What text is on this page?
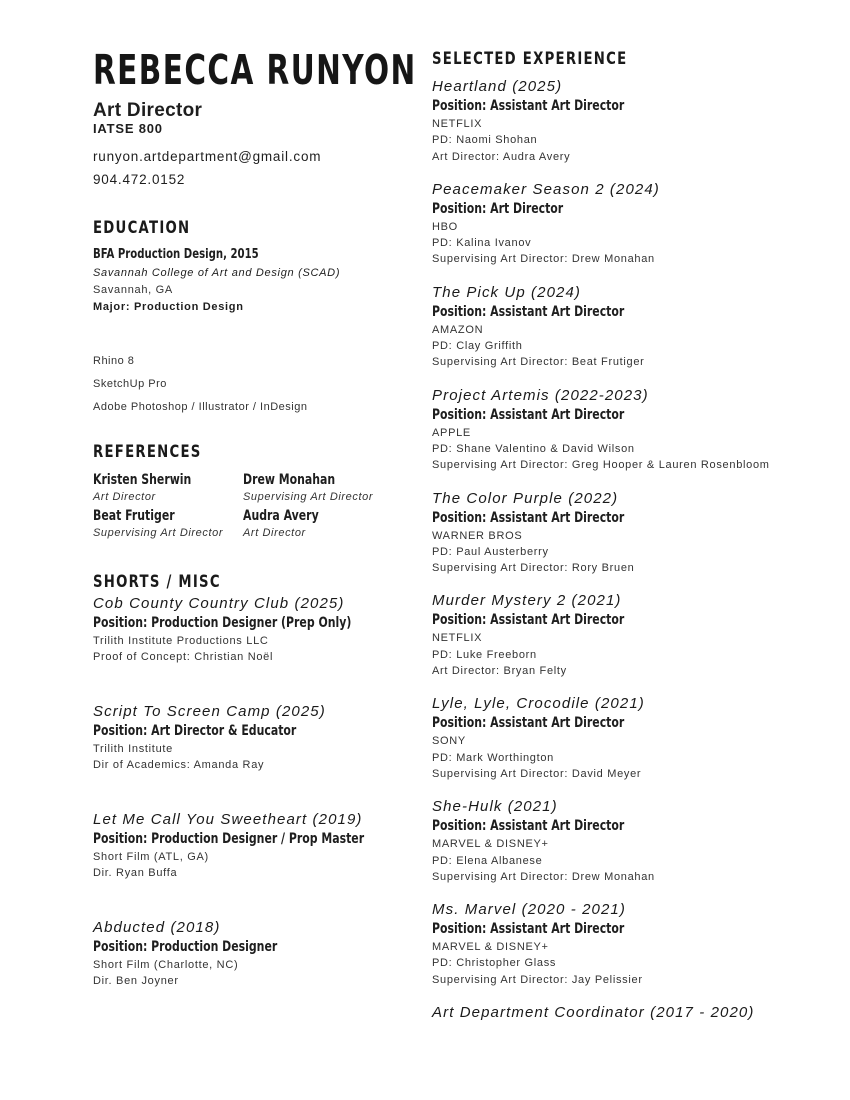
REBECCA RUNYON
Art Director
IATSE 800
runyon.artdepartment@gmail.com
904.472.0152
EDUCATION
BFA Production Design, 2015
Savannah College of Art and Design (SCAD)
Savannah, GA
Major: Production Design
Rhino 8
SketchUp Pro
Adobe Photoshop / Illustrator / InDesign
REFERENCES
Kristen Sherwin
Art Director
Drew Monahan
Supervising Art Director
Beat Frutiger
Supervising Art Director
Audra Avery
Art Director
SHORTS / MISC
Cob County Country Club (2025)
Position: Production Designer (Prep Only)
Trilith Institute Productions LLC
Proof of Concept: Christian Noël
Script To Screen Camp (2025)
Position: Art Director & Educator
Trilith Institute
Dir of Academics: Amanda Ray
Let Me Call You Sweetheart (2019)
Position: Production Designer / Prop Master
Short Film (ATL, GA)
Dir. Ryan Buffa
Abducted (2018)
Position: Production Designer
Short Film (Charlotte, NC)
Dir. Ben Joyner
SELECTED EXPERIENCE
Heartland (2025)
Position: Assistant Art Director
NETFLIX
PD: Naomi Shohan
Art Director: Audra Avery
Peacemaker Season 2 (2024)
Position: Art Director
HBO
PD: Kalina Ivanov
Supervising Art Director: Drew Monahan
The Pick Up (2024)
Position: Assistant Art Director
AMAZON
PD: Clay Griffith
Supervising Art Director: Beat Frutiger
Project Artemis (2022-2023)
Position: Assistant Art Director
APPLE
PD: Shane Valentino & David Wilson
Supervising Art Director: Greg Hooper & Lauren Rosenbloom
The Color Purple (2022)
Position: Assistant Art Director
WARNER BROS
PD: Paul Austerberry
Supervising Art Director: Rory Bruen
Murder Mystery 2 (2021)
Position: Assistant Art Director
NETFLIX
PD: Luke Freeborn
Art Director: Bryan Felty
Lyle, Lyle, Crocodile (2021)
Position: Assistant Art Director
SONY
PD: Mark Worthington
Supervising Art Director: David Meyer
She-Hulk (2021)
Position: Assistant Art Director
MARVEL & DISNEY+
PD: Elena Albanese
Supervising Art Director: Drew Monahan
Ms. Marvel (2020 - 2021)
Position: Assistant Art Director
MARVEL & DISNEY+
PD: Christopher Glass
Supervising Art Director: Jay Pelissier
Art Department Coordinator (2017 - 2020)
